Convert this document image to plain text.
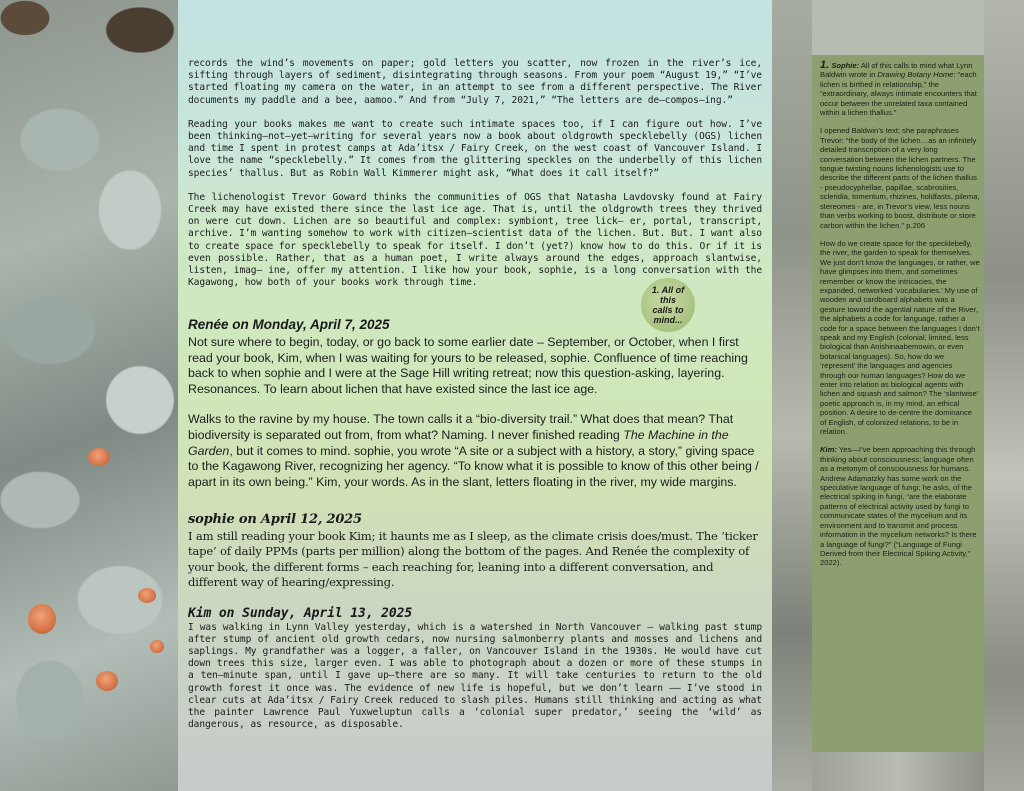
records the wind’s movements on paper; gold letters you scatter, now frozen in the river’s ice, sifting through layers of sediment, disintegrating through seasons. From your poem “August 19,” “I’ve started floating my camera on the water, in an attempt to see from a different perspective. The River documents my paddle and a bee, aamoo.” And from “July 7, 2021,” “The letters are de–compos–ing.”

Reading your books makes me want to create such intimate spaces too, if I can figure out how. I’ve been thinking–not–yet–writing for several years now a book about oldgrowth specklebelly (OGS) lichen and time I spent in protest camps at Ada’itsx / Fairy Creek, on the west coast of Vancouver Island. I love the name “specklebelly.” It comes from the glittering speckles on the underbelly of this lichen species’ thallus. But as Robin Wall Kimmerer might ask, “What does it call itself?”

The lichenologist Trevor Goward thinks the communities of OGS that Natasha Lavdovsky found at Fairy Creek may have existed there since the last ice age. That is, until the oldgrowth trees they thrived on were cut down. Lichen are so beautiful and complex: symbiont, tree lick– er, portal, transcript, archive. I’m wanting somehow to work with citizen–scientist data of the lichen. But. But. I want also to create space for specklebelly to speak for itself. I don’t (yet?) know how to do this. Or if it is even possible. Rather, that as a human poet, I write always around the edges, approach slantwise, listen, imag– ine, offer my attention. I like how your book, sophie, is a long conversation with the Kagawong, how both of your books work through time.

1. All of this calls to mind...
Renée on Monday, April 7, 2025

Not sure where to begin, today, or go back to some earlier date – September, or October, when I first read your book, Kim, when I was waiting for yours to be released, sophie. Confluence of time reaching back to when sophie and I were at the Sage Hill writing retreat; now this question-asking, layering. Resonances. To learn about lichen that have existed since the last ice age.

Walks to the ravine by my house. The town calls it a “bio-diversity trail.” What does that mean? That biodiversity is separated out from, from what? Naming. I never finished reading The Machine in the Garden, but it comes to mind. sophie, you wrote “A site or a subject with a history, a story,” giving space to the Kagawong River, recognizing her agency. “To know what it is possible to know of this other being / apart in its own being.” Kim, your words. As in the slant, letters floating in the river, my wide margins.

sophie on April 12, 2025

I am still reading your book Kim; it haunts me as I sleep, as the climate crisis does/must. The ‘ticker tape’ of daily PPMs (parts per million) along the bottom of the pages. And Renée the complexity of your book, the different forms – each reaching for, leaning into a different conversation, and different way of hearing/expressing.

Kim on Sunday, April 13, 2025

I was walking in Lynn Valley yesterday, which is a watershed in North Vancouver – walking past stump after stump of ancient old growth cedars, now nursing salmonberry plants and mosses and lichens and saplings. My grandfather was a logger, a faller, on Vancouver Island in the 1930s. He would have cut down trees this size, larger even. I was able to photograph about a dozen or more of these stumps in a ten–minute span, until I gave up—there are so many. It will take centuries to return to the old growth forest it once was. The evidence of new life is hopeful, but we don’t learn –– I’ve stood in clear cuts at Ada’itsx / Fairy Creek reduced to slash piles. Humans still thinking and acting as what the painter Lawrence Paul Yuxweluptun calls a ‘colonial super predator,’ seeing the ‘wild’ as dangerous, as resource, as disposable.

1. Sophie: All of this calls to mind what Lynn Baldwin wrote in Drawing Botany Home: “each lichen is birthed in relationship,” the “extraordinary, always intimate encounters that occur between the unrelated taxa contained within a lichen thallus.”

I opened Baldwin’s text; she paraphrases Trevor: “the body of the lichen…as an infinitely detailed transcription of a very long conversation between the lichen partners. The tongue twisting nouns lichenologists use to describe the different parts of the lichen thallus - pseudocyphellae, papillae, scabrosities, scleridia, tomentum, rhizines, holdfasts, pilema, stereomes - are, in Trevor’s view, less nouns than verbs working to boost, distribute or store carbon within the lichen.” p.206

How do we create space for the specklebelly, the river, the garden to speak for themselves. We just don’t know the languages, or rather, we have glimpses into them, and sometimes remember or know the intricacies, the expanded, networked ‘vocabularies.’ My use of wooden and cardboard alphabets was a gesture toward the agential nature of the River, the alphabets a code for language, rather a code for a space between the languages I don’t speak and my English (colonial, limited, less biological than Anishinaabemowin, or even botanical languages). So, how do we ‘represent’ the languages and agencies through our human languages? How do we enter into relation as biological agents with lichen and squash and salmon? The ‘slantwise’ poetic approach is, in my mind, an ethical position. A desire to de-centre the dominance of English, of colonized relations, to be in relation.

Kim: Yes—I’ve been approaching this through thinking about consciousness; language often as a metonym of consciousness for humans. Andrew Adamatzky has some work on the speculative language of fungi; he asks, of the electrical spiking in fungi, “are the elaborate patterns of electrical activity used by fungi to communicate states of the mycelium and its environment and to transmit and process information in the mycelium networks? Is there a language of fungi?” (“Language of Fungi Derived from their Electrical Spiking Activity,” 2022).
